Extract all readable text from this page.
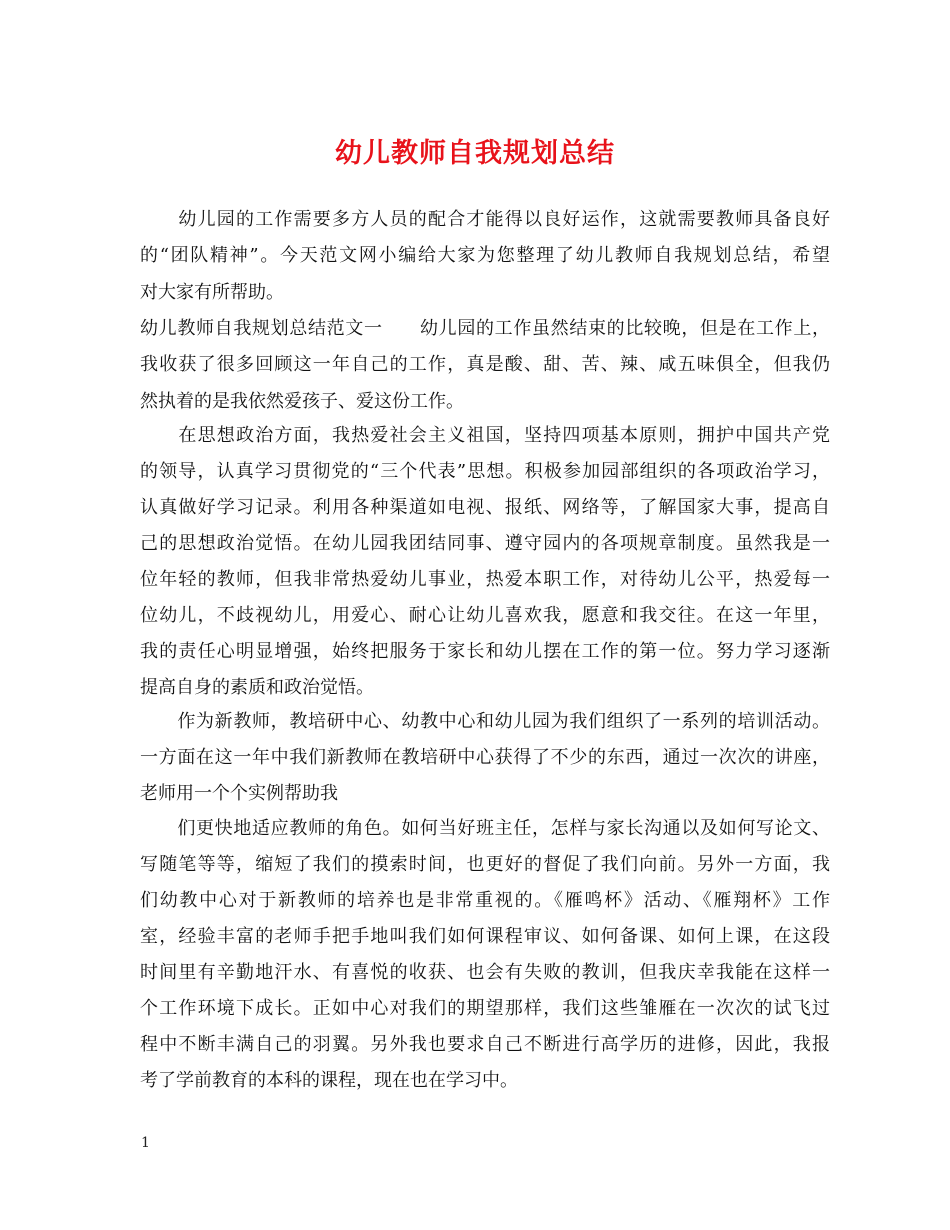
幼儿教师自我规划总结
　　幼儿园的工作需要多方人员的配合才能得以良好运作，这就需要教师具备良好
的“团队精神”。今天范文网小编给大家为您整理了幼儿教师自我规划总结，希望
对大家有所帮助。
幼儿教师自我规划总结范文一　　幼儿园的工作虽然结束的比较晚，但是在工作上，
我收获了很多回顾这一年自己的工作，真是酸、甜、苦、辣、咸五味俱全，但我仍
然执着的是我依然爱孩子、爱这份工作。
　　在思想政治方面，我热爱社会主义祖国，坚持四项基本原则，拥护中国共产党
的领导，认真学习贯彻党的“三个代表”思想。积极参加园部组织的各项政治学习，
认真做好学习记录。利用各种渠道如电视、报纸、网络等，了解国家大事，提高自
己的思想政治觉悟。在幼儿园我团结同事、遵守园内的各项规章制度。虽然我是一
位年轻的教师，但我非常热爱幼儿事业，热爱本职工作，对待幼儿公平，热爱每一
位幼儿，不歧视幼儿，用爱心、耐心让幼儿喜欢我，愿意和我交往。在这一年里，
我的责任心明显增强，始终把服务于家长和幼儿摆在工作的第一位。努力学习逐渐
提高自身的素质和政治觉悟。
　　作为新教师，教培研中心、幼教中心和幼儿园为我们组织了一系列的培训活动。
一方面在这一年中我们新教师在教培研中心获得了不少的东西，通过一次次的讲座，
老师用一个个实例帮助我
　　们更快地适应教师的角色。如何当好班主任，怎样与家长沟通以及如何写论文、
写随笔等等，缩短了我们的摸索时间，也更好的督促了我们向前。另外一方面，我
们幼教中心对于新教师的培养也是非常重视的。《雁鸣杯》活动、《雁翔杯》工作
室，经验丰富的老师手把手地叫我们如何课程审议、如何备课、如何上课，在这段
时间里有辛勤地汗水、有喜悦的收获、也会有失败的教训，但我庆幸我能在这样一
个工作环境下成长。正如中心对我们的期望那样，我们这些雏雁在一次次的试飞过
程中不断丰满自己的羽翼。另外我也要求自己不断进行高学历的进修，因此，我报
考了学前教育的本科的课程，现在也在学习中。
1
